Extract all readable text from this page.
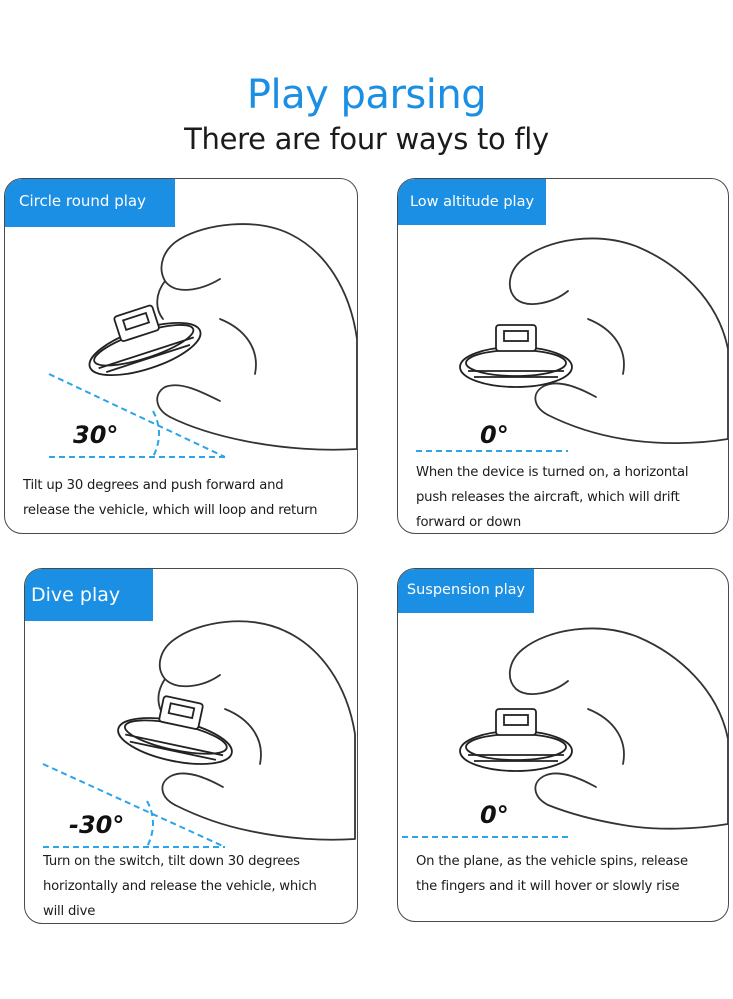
Play parsing
There are four ways to fly
Circle round play
30°
Tilt up 30 degrees and push forward and
release the vehicle, which will loop and return
Low altitude play
0°
When the device is turned on, a horizontal
push releases the aircraft, which will drift
forward or down
Dive play
-30°
Turn on the switch, tilt down 30 degrees
horizontally and release the vehicle, which
will dive
Suspension play
0°
On the plane, as the vehicle spins, release
the fingers and it will hover or slowly rise
